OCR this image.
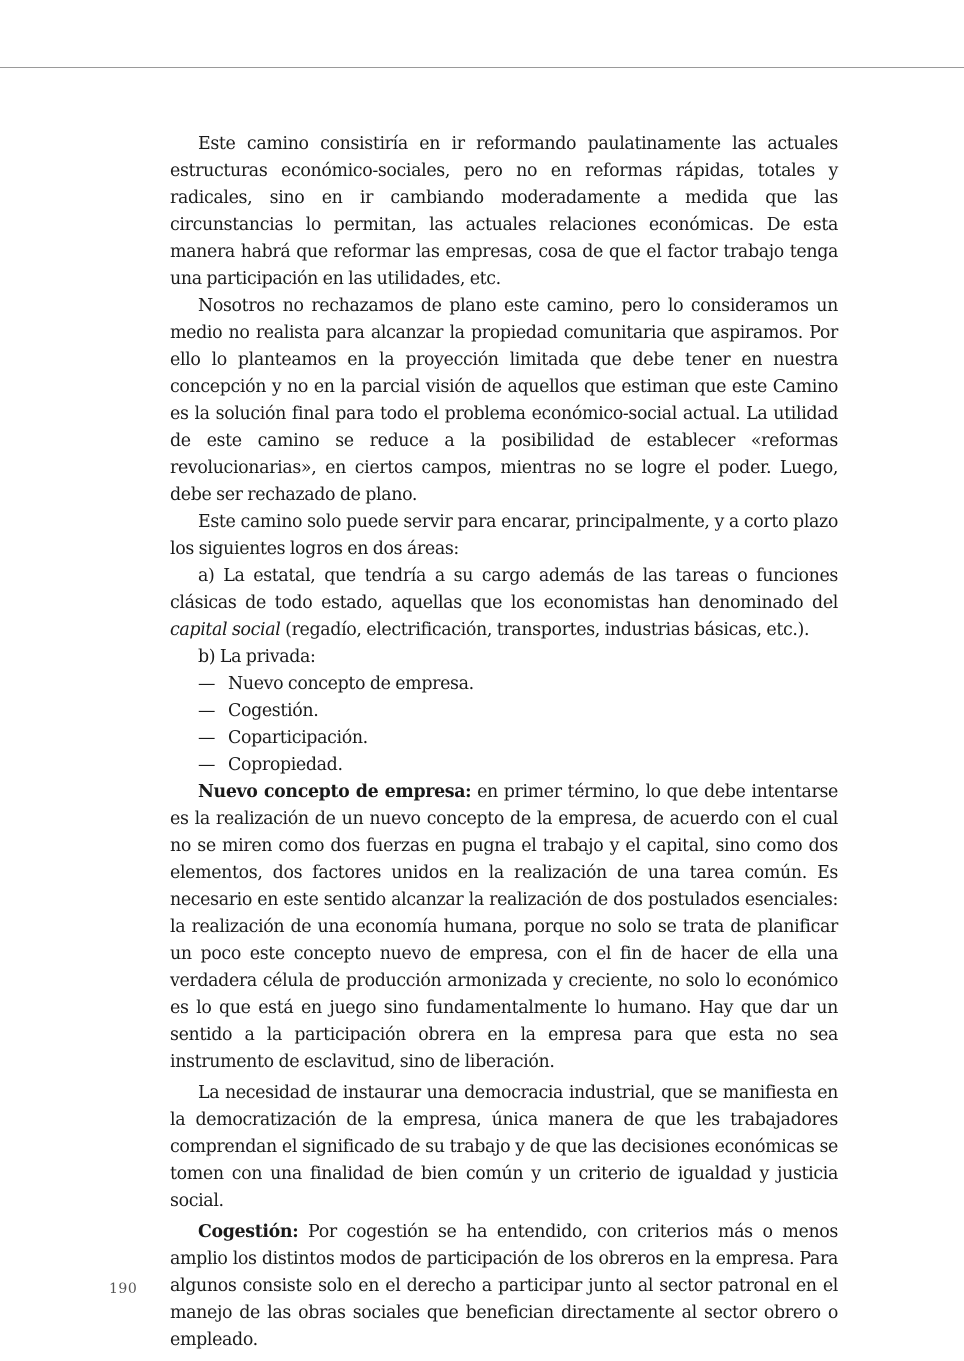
Este camino consistiría en ir reformando paulatinamente las actuales estructuras económico-sociales, pero no en reformas rápidas, totales y radicales, sino en ir cambiando moderadamente a medida que las circunstancias lo permitan, las actuales relaciones económicas. De esta manera habrá que reformar las empresas, cosa de que el factor trabajo tenga una participación en las utilidades, etc.

Nosotros no rechazamos de plano este camino, pero lo consideramos un medio no realista para alcanzar la propiedad comunitaria que aspiramos. Por ello lo planteamos en la proyección limitada que debe tener en nuestra concepción y no en la parcial visión de aquellos que estiman que este Camino es la solución final para todo el problema económico-social actual. La utilidad de este camino se reduce a la posibilidad de establecer «reformas revolucionarias», en ciertos campos, mientras no se logre el poder. Luego, debe ser rechazado de plano.

Este camino solo puede servir para encarar, principalmente, y a corto plazo los siguientes logros en dos áreas:

a) La estatal, que tendría a su cargo además de las tareas o funciones clásicas de todo estado, aquellas que los economistas han denominado del capital social (regadío, electrificación, transportes, industrias básicas, etc.).

b) La privada:

— Nuevo concepto de empresa.
— Cogestión.
— Coparticipación.
— Copropiedad.

Nuevo concepto de empresa: en primer término, lo que debe intentarse es la realización de un nuevo concepto de la empresa, de acuerdo con el cual no se miren como dos fuerzas en pugna el trabajo y el capital, sino como dos elementos, dos factores unidos en la realización de una tarea común. Es necesario en este sentido alcanzar la realización de dos postulados esenciales: la realización de una economía humana, porque no solo se trata de planificar un poco este concepto nuevo de empresa, con el fin de hacer de ella una verdadera célula de producción armonizada y creciente, no solo lo económico es lo que está en juego sino fundamentalmente lo humano. Hay que dar un sentido a la participación obrera en la empresa para que esta no sea instrumento de esclavitud, sino de liberación.

La necesidad de instaurar una democracia industrial, que se manifiesta en la democratización de la empresa, única manera de que les trabajadores comprendan el significado de su trabajo y de que las decisiones económicas se tomen con una finalidad de bien común y un criterio de igualdad y justicia social.

Cogestión: Por cogestión se ha entendido, con criterios más o menos amplio los distintos modos de participación de los obreros en la empresa. Para algunos consiste solo en el derecho a participar junto al sector patronal en el manejo de las obras sociales que benefician directamente al sector obrero o empleado.

190
